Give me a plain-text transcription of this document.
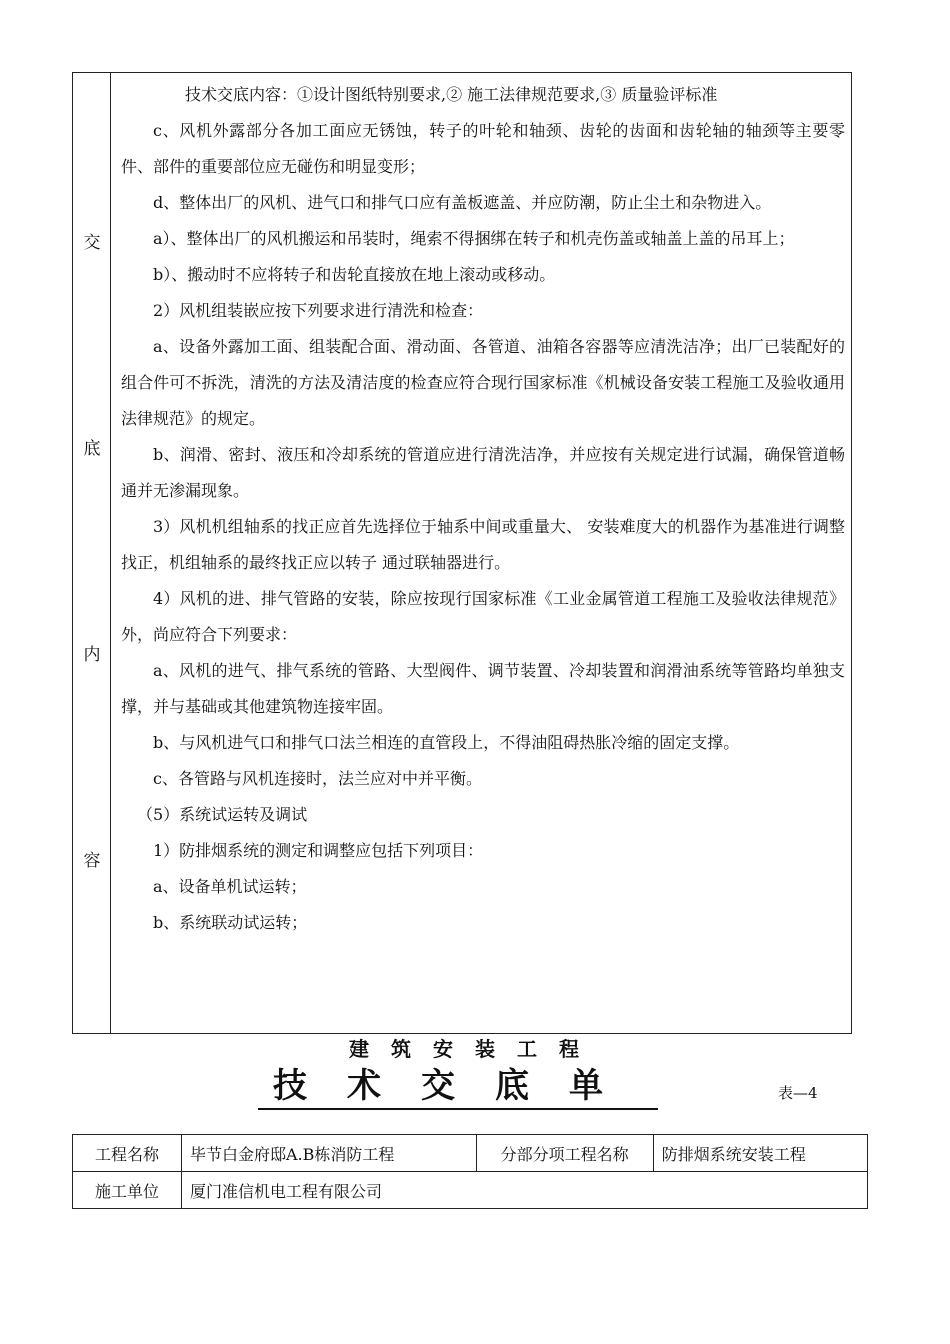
交
底
内
容

技术交底内容：①设计图纸特别要求,② 施工法律规范要求,③ 质量验评标准

c、风机外露部分各加工面应无锈蚀，转子的叶轮和轴颈、齿轮的齿面和齿轮轴的轴颈等主要零件、部件的重要部位应无碰伤和明显变形；

d、整体出厂的风机、进气口和排气口应有盖板遮盖、并应防潮，防止尘土和杂物进入。

a）、整体出厂的风机搬运和吊装时，绳索不得捆绑在转子和机壳伤盖或轴盖上盖的吊耳上；

b）、搬动时不应将转子和齿轮直接放在地上滚动或移动。

2）风机组装嵌应按下列要求进行清洗和检查：

a、设备外露加工面、组装配合面、滑动面、各管道、油箱各容器等应清洗洁净；出厂已装配好的组合件可不拆洗，清洗的方法及清洁度的检查应符合现行国家标准《机械设备安装工程施工及验收通用法律规范》的规定。

b、润滑、密封、液压和冷却系统的管道应进行清洗洁净，并应按有关规定进行试漏，确保管道畅通并无渗漏现象。

3）风机机组轴系的找正应首先选择位于轴系中间或重量大、 安装难度大的机器作为基准进行调整找正，机组轴系的最终找正应以转子 通过联轴器进行。

4）风机的进、排气管路的安装，除应按现行国家标准《工业金属管道工程施工及验收法律规范》外，尚应符合下列要求：

a、风机的进气、排气系统的管路、大型阀件、调节装置、冷却装置和润滑油系统等管路均单独支撑，并与基础或其他建筑物连接牢固。

b、与风机进气口和排气口法兰相连的直管段上，不得油阻碍热胀冷缩的固定支撑。

c、各管路与风机连接时，法兰应对中并平衡。

（5）系统试运转及调试

1）防排烟系统的测定和调整应包括下列项目：

a、设备单机试运转；

b、系统联动试运转；

建筑安装工程
技术交底单	表—4
工程名称	毕节白金府邸A.B栋消防工程	分部分项工程名称	防排烟系统安装工程
施工单位	厦门准信机电工程有限公司		
